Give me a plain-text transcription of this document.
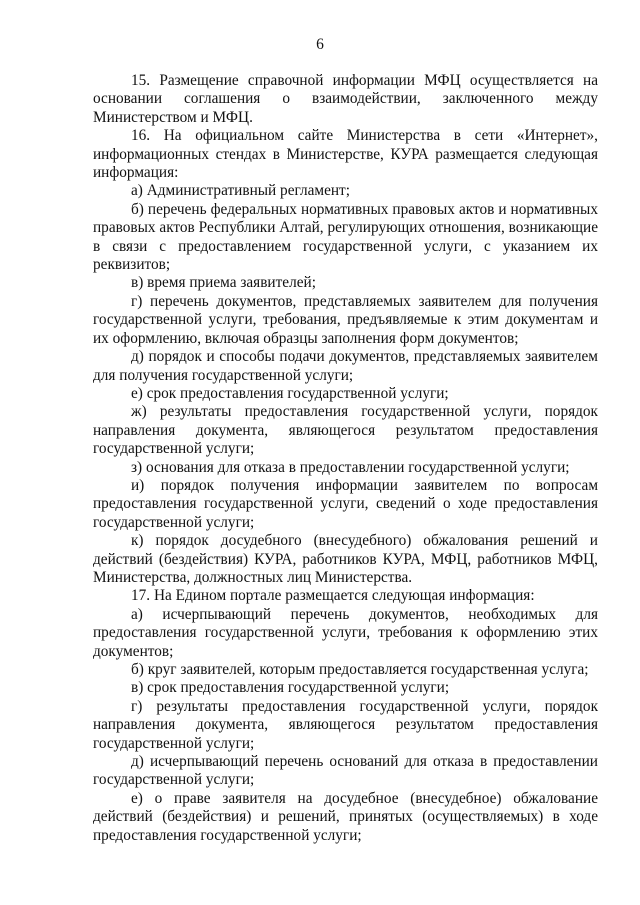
6

15. Размещение справочной информации МФЦ осуществляется на основании соглашения о взаимодействии, заключенного между Министерством и МФЦ.

16. На официальном сайте Министерства в сети «Интернет», информационных стендах в Министерстве, КУРА размещается следующая информация:

а) Административный регламент;

б) перечень федеральных нормативных правовых актов и нормативных правовых актов Республики Алтай, регулирующих отношения, возникающие в связи с предоставлением государственной услуги, с указанием их реквизитов;

в) время приема заявителей;

г) перечень документов, представляемых заявителем для получения государственной услуги, требования, предъявляемые к этим документам и их оформлению, включая образцы заполнения форм документов;

д) порядок и способы подачи документов, представляемых заявителем для получения государственной услуги;

е) срок предоставления государственной услуги;

ж) результаты предоставления государственной услуги, порядок направления документа, являющегося результатом предоставления государственной услуги;

з) основания для отказа в предоставлении государственной услуги;

и) порядок получения информации заявителем по вопросам предоставления государственной услуги, сведений о ходе предоставления государственной услуги;

к) порядок досудебного (внесудебного) обжалования решений и действий (бездействия) КУРА, работников КУРА, МФЦ, работников МФЦ, Министерства, должностных лиц Министерства.

17. На Едином портале размещается следующая информация:

а) исчерпывающий перечень документов, необходимых для предоставления государственной услуги, требования к оформлению этих документов;

б) круг заявителей, которым предоставляется государственная услуга;

в) срок предоставления государственной услуги;

г) результаты предоставления государственной услуги, порядок направления документа, являющегося результатом предоставления государственной услуги;

д) исчерпывающий перечень оснований для отказа в предоставлении государственной услуги;

е) о праве заявителя на досудебное (внесудебное) обжалование действий (бездействия) и решений, принятых (осуществляемых) в ходе предоставления государственной услуги;
